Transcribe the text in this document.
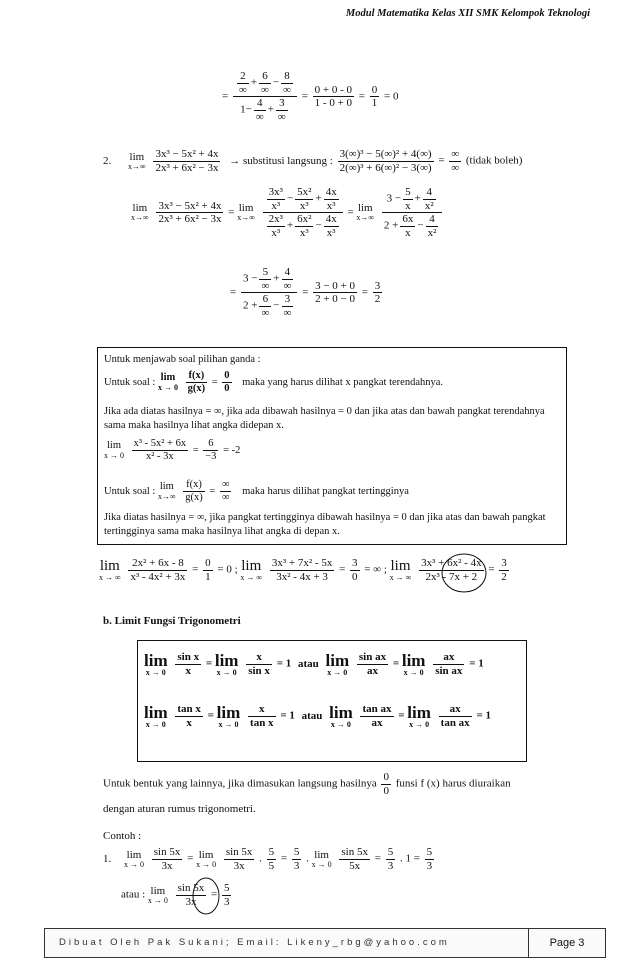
Modul Matematika Kelas XII SMK Kelompok Teknologi
= $\frac{\frac{2}{\infty} + \frac{6}{\infty} - \frac{8}{\infty}}{1- \frac{4}{\infty} + \frac{3}{\infty}} = \frac{0 + 0 - 0}{1 - 0 + 0} = \frac{0}{1} = 0$
2. lim
x→∞
$\frac{\text{3x³ − 5x² + 4x}}{\text{2x³ + 6x² − 3x}}$ → substitusi langsung : $\frac{\text{3(∞)³ − 5(∞)² + 4(∞)}}{\text{2(∞)³ + 6(∞)² − 3(∞)}} = \frac{\infty}{\infty}$ (tidak boleh)
lim
x→∞
$\frac{\text{3x³ − 5x² + 4x}}{\text{2x³ + 6x² − 3x}} = \lim$
x→∞
$\frac{\frac{\text{3x³}}{\text{x³}} - \frac{\text{5x²}}{\text{x³}} + \frac{4x}{\text{x³}}}{\frac{\text{2x³}}{\text{x³}} + \frac{\text{6x²}}{\text{x³}} - \frac{4x}{\text{x³}}} = \lim$
x→∞
$\frac{3 - \frac{5}{x} + \frac{4}{\text{x²}}}{2 + \frac{6x}{x} - \frac{4}{\text{x²}}}$
= $\frac{3 - \frac{5}{\infty} + \frac{4}{\infty}}{2 + \frac{6}{\infty} - \frac{3}{\infty}} = \frac{3 - 0 + 0}{2 + 0 - 0} = \frac{3}{2}$
Untuk menjawab soal pilihan ganda :
Untuk soal : lim
x → 0
$\frac{f(x)}{g(x)} = \frac{0}{0}$ maka yang harus dilihat x pangkat terendahnya.
Jika ada diatas hasilnya = ∞, jika ada dibawah hasilnya = 0 dan jika atas dan bawah pangkat terendahnya sama maka hasilnya lihat angka didepan x.
lim
x → 0
$\frac{\text{x³ - 5x² + 6x}}{\text{x² - 3x}} = \frac{6}{-3} = -2$
Untuk soal : lim
x→∞
$\frac{f(x)}{g(x)} = \frac{\infty}{\infty}$ maka harus dilihat pangkat tertingginya
Jika diatas hasilnya = ∞, jika pangkat tertingginya dibawah hasilnya = 0 dan jika atas dan bawah pangkat tertingginya sama maka hasilnya lihat angka di depan x.
lim
x → ∞
$\frac{\text{2x² + 6x - 8}}{\text{x³ - 4x² + 3x}} = \frac{0}{1} = 0$ ; lim
x → ∞
$\frac{\text{3x³ + 7x² - 5x}}{\text{3x² - 4x + 3}} = \frac{3}{0}$ = ∞ ; lim
x → ∞
$\frac{\text{3x³ + 6x² - 4x}}{\text{2x³ - 7x + 2}} = \frac{3}{2}$
b. Limit Fungsi Trigonometri
lim
x → 0
$\frac{\text{sin x}}{x} = \lim$
x → 0
$\frac{x}{\text{sin x}} = 1$ atau lim
x → 0
$\frac{\text{sin ax}}{ax} = \lim$
x → 0
$\frac{ax}{\text{sin ax}} = 1$
lim
x → 0
$\frac{\text{tan x}}{x} = \lim$
x → 0
$\frac{x}{\text{tan x}} = 1$ atau lim
x → 0
$\frac{\text{tan ax}}{ax} = \lim$
x → 0
$\frac{ax}{\text{tan ax}} = 1$
Untuk bentuk yang lainnya, jika dimasukan langsung hasilnya $\frac{0}{0}$ funsi f (x) harus diuraikan
dengan aturan rumus trigonometri.
Contoh :
1. lim
x → 0
$\frac{\sin 5x}{3x} = \lim$
x → 0
$\frac{\sin 5x}{3x}$ . $\frac{5}{5} = \frac{5}{3}$ . lim
x → 0
$\frac{\sin 5x}{5x} = \frac{5}{3}$ . $1 = \frac{5}{3}$
atau : lim
x → 0
$\frac{\sin 5x}{3x} = \frac{5}{3}$
Dibuat Oleh Pak Sukani; Email: Likeny_rbg@yahoo.com	Page 3
